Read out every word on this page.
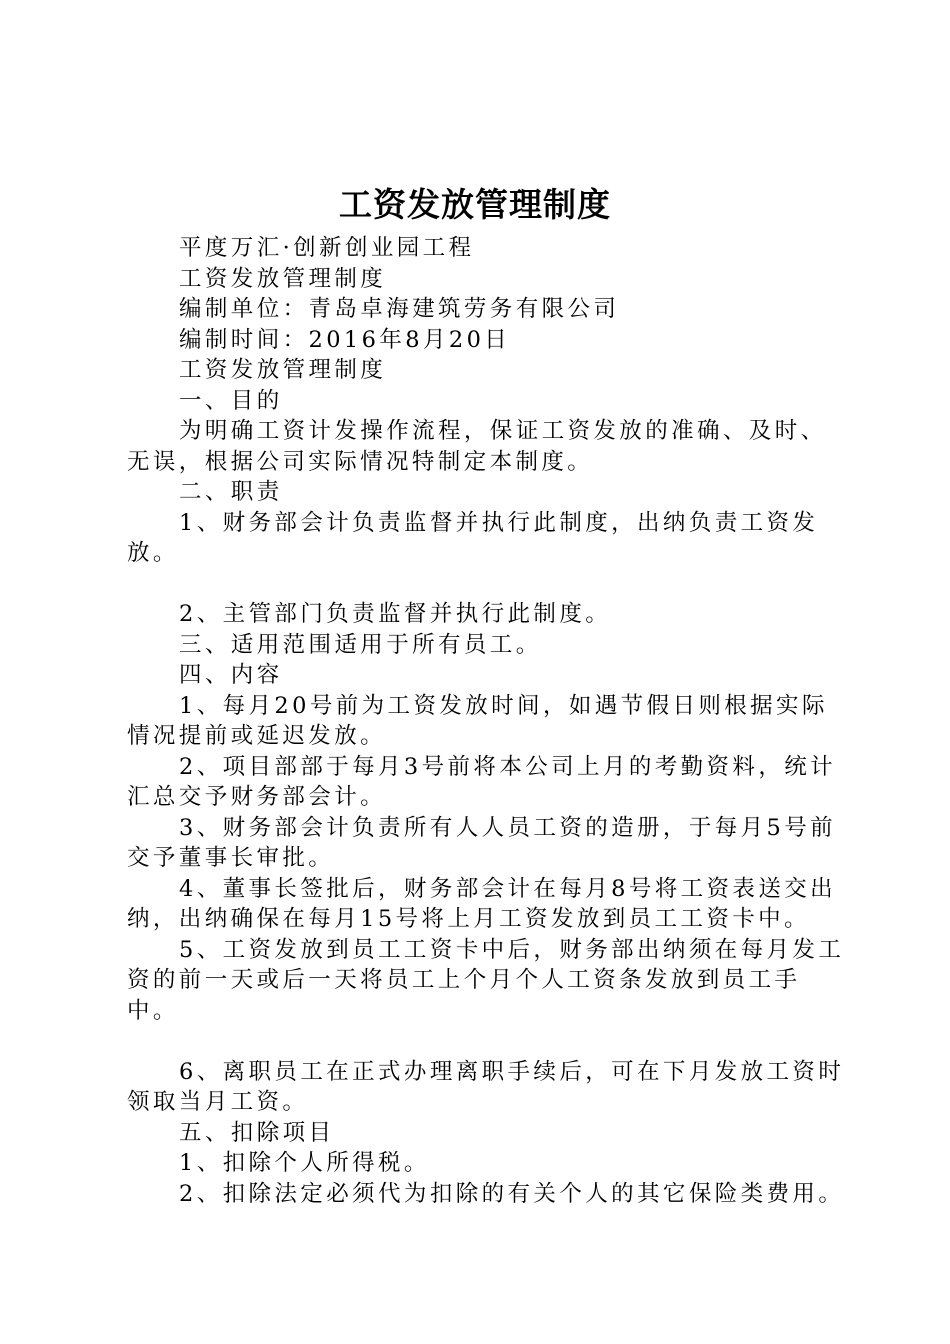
工资发放管理制度

平度万汇·创新创业园工程

工资发放管理制度

编制单位：青岛卓海建筑劳务有限公司

编制时间：2016年8月20日

工资发放管理制度

一、目的

为明确工资计发操作流程，保证工资发放的准确、及时、无误，根据公司实际情况特制定本制度。

二、职责

1、财务部会计负责监督并执行此制度，出纳负责工资发放。

2、主管部门负责监督并执行此制度。

三、适用范围适用于所有员工。

四、内容

1、每月20号前为工资发放时间，如遇节假日则根据实际情况提前或延迟发放。

2、项目部部于每月3号前将本公司上月的考勤资料，统计汇总交予财务部会计。

3、财务部会计负责所有人人员工资的造册，于每月5号前交予董事长审批。

4、董事长签批后，财务部会计在每月8号将工资表送交出纳，出纳确保在每月15号将上月工资发放到员工工资卡中。

5、工资发放到员工工资卡中后，财务部出纳须在每月发工资的前一天或后一天将员工上个月个人工资条发放到员工手中。

6、离职员工在正式办理离职手续后，可在下月发放工资时领取当月工资。

五、扣除项目

1、扣除个人所得税。

2、扣除法定必须代为扣除的有关个人的其它保险类费用。
